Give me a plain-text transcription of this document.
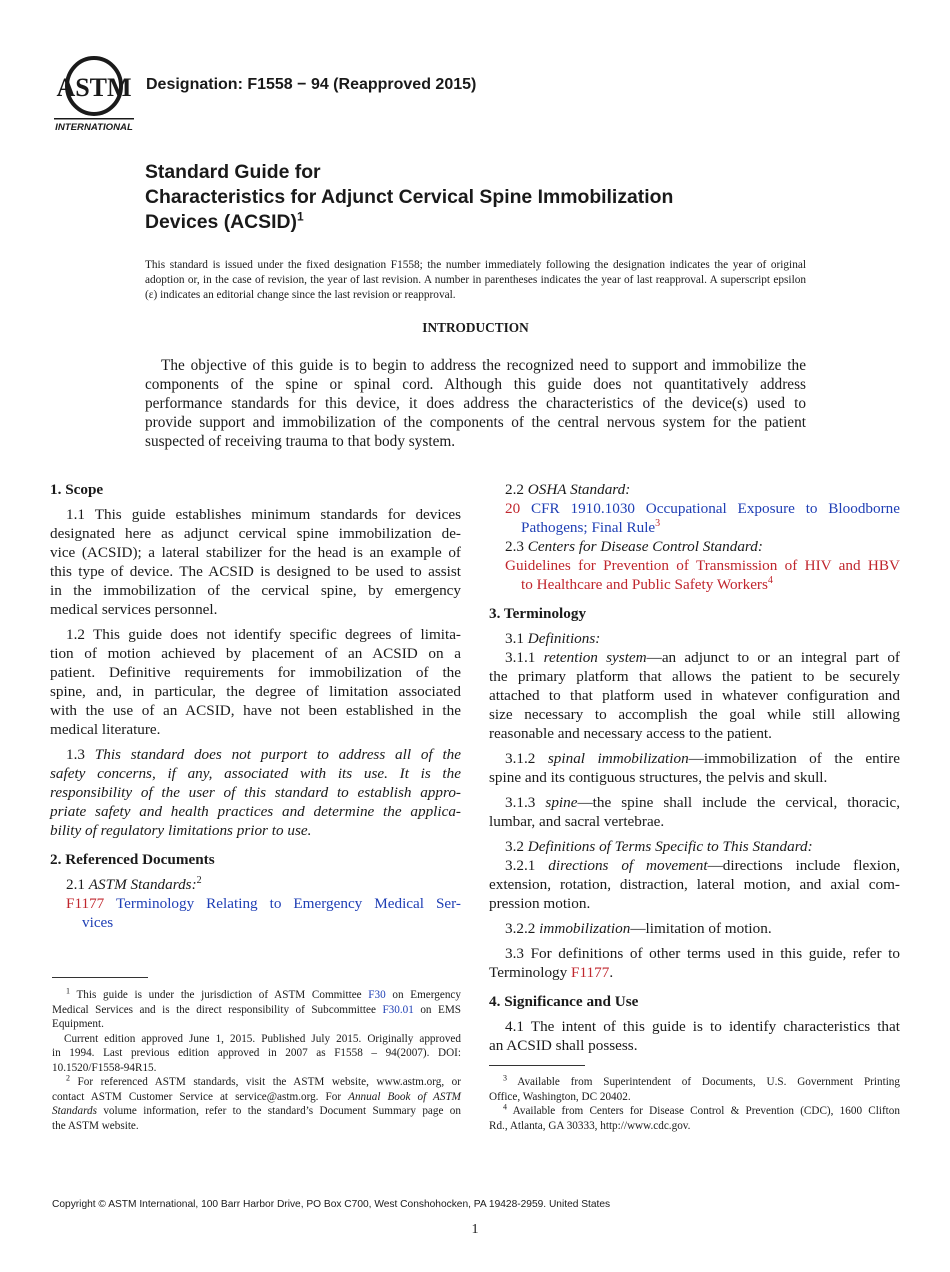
ASTM
INTERNATIONAL
Designation: F1558 − 94 (Reapproved 2015)
Standard Guide for
Characteristics for Adjunct Cervical Spine Immobilization
Devices (ACSID)$^1$
This standard is issued under the fixed designation F1558; the number immediately following the designation indicates the year of original adoption or, in the case of revision, the year of last revision. A number in parentheses indicates the year of last reapproval. A superscript epsilon (ε) indicates an editorial change since the last revision or reapproval.
INTRODUCTION
The objective of this guide is to begin to address the recognized need to support and immobilize the
components of the spine or spinal cord. Although this guide does not quantitatively address
performance standards for this device, it does address the characteristics of the device(s) used to
provide support and immobilization of the components of the central nervous system for the patient
suspected of receiving trauma to that body system.
1. Scope
1.1 This guide establishes minimum standards for devices
designated here as adjunct cervical spine immobilization de-
vice (ACSID); a lateral stabilizer for the head is an example of
this type of device. The ACSID is designed to be used to assist
in the immobilization of the cervical spine, by emergency
medical services personnel.
1.2 This guide does not identify specific degrees of limita-
tion of motion achieved by placement of an ACSID on a
patient. Definitive requirements for immobilization of the
spine, and, in particular, the degree of limitation associated
with the use of an ACSID, have not been established in the
medical literature.
1.3 This standard does not purport to address all of the
safety concerns, if any, associated with its use. It is the
responsibility of the user of this standard to establish appro-
priate safety and health practices and determine the applica-
bility of regulatory limitations prior to use.
2. Referenced Documents
2.1 ASTM Standards:$^2$
F1177 Terminology Relating to Emergency Medical Ser-
vices
2.2 OSHA Standard:
20 CFR 1910.1030 Occupational Exposure to Bloodborne
Pathogens; Final Rule$^3$
2.3 Centers for Disease Control Standard:
Guidelines for Prevention of Transmission of HIV and HBV
to Healthcare and Public Safety Workers$^4$
3. Terminology
3.1 Definitions:
3.1.1 retention system—an adjunct to or an integral part of
the primary platform that allows the patient to be securely
attached to that platform used in whatever configuration and
size necessary to accomplish the goal while still allowing
reasonable and necessary access to the patient.
3.1.2 spinal immobilization—immobilization of the entire
spine and its contiguous structures, the pelvis and skull.
3.1.3 spine—the spine shall include the cervical, thoracic,
lumbar, and sacral vertebrae.
3.2 Definitions of Terms Specific to This Standard:
3.2.1 directions of movement—directions include flexion,
extension, rotation, distraction, lateral motion, and axial com-
pression motion.
3.2.2 immobilization—limitation of motion.
3.3 For definitions of other terms used in this guide, refer to
Terminology F1177.
4. Significance and Use
4.1 The intent of this guide is to identify characteristics that
an ACSID shall possess.
$^1$ This guide is under the jurisdiction of ASTM Committee F30 on Emergency
Medical Services and is the direct responsibility of Subcommittee F30.01 on EMS
Equipment.
Current edition approved June 1, 2015. Published July 2015. Originally approved
in 1994. Last previous edition approved in 2007 as F1558 – 94(2007). DOI:
10.1520/F1558-94R15.
$^2$ For referenced ASTM standards, visit the ASTM website, www.astm.org, or
contact ASTM Customer Service at service@astm.org. For Annual Book of ASTM
Standards volume information, refer to the standard’s Document Summary page on
the ASTM website.
$^3$ Available from Superintendent of Documents, U.S. Government Printing
Office, Washington, DC 20402.
$^4$ Available from Centers for Disease Control & Prevention (CDC), 1600 Clifton
Rd., Atlanta, GA 30333, http://www.cdc.gov.
Copyright © ASTM International, 100 Barr Harbor Drive, PO Box C700, West Conshohocken, PA 19428-2959. United States
1
